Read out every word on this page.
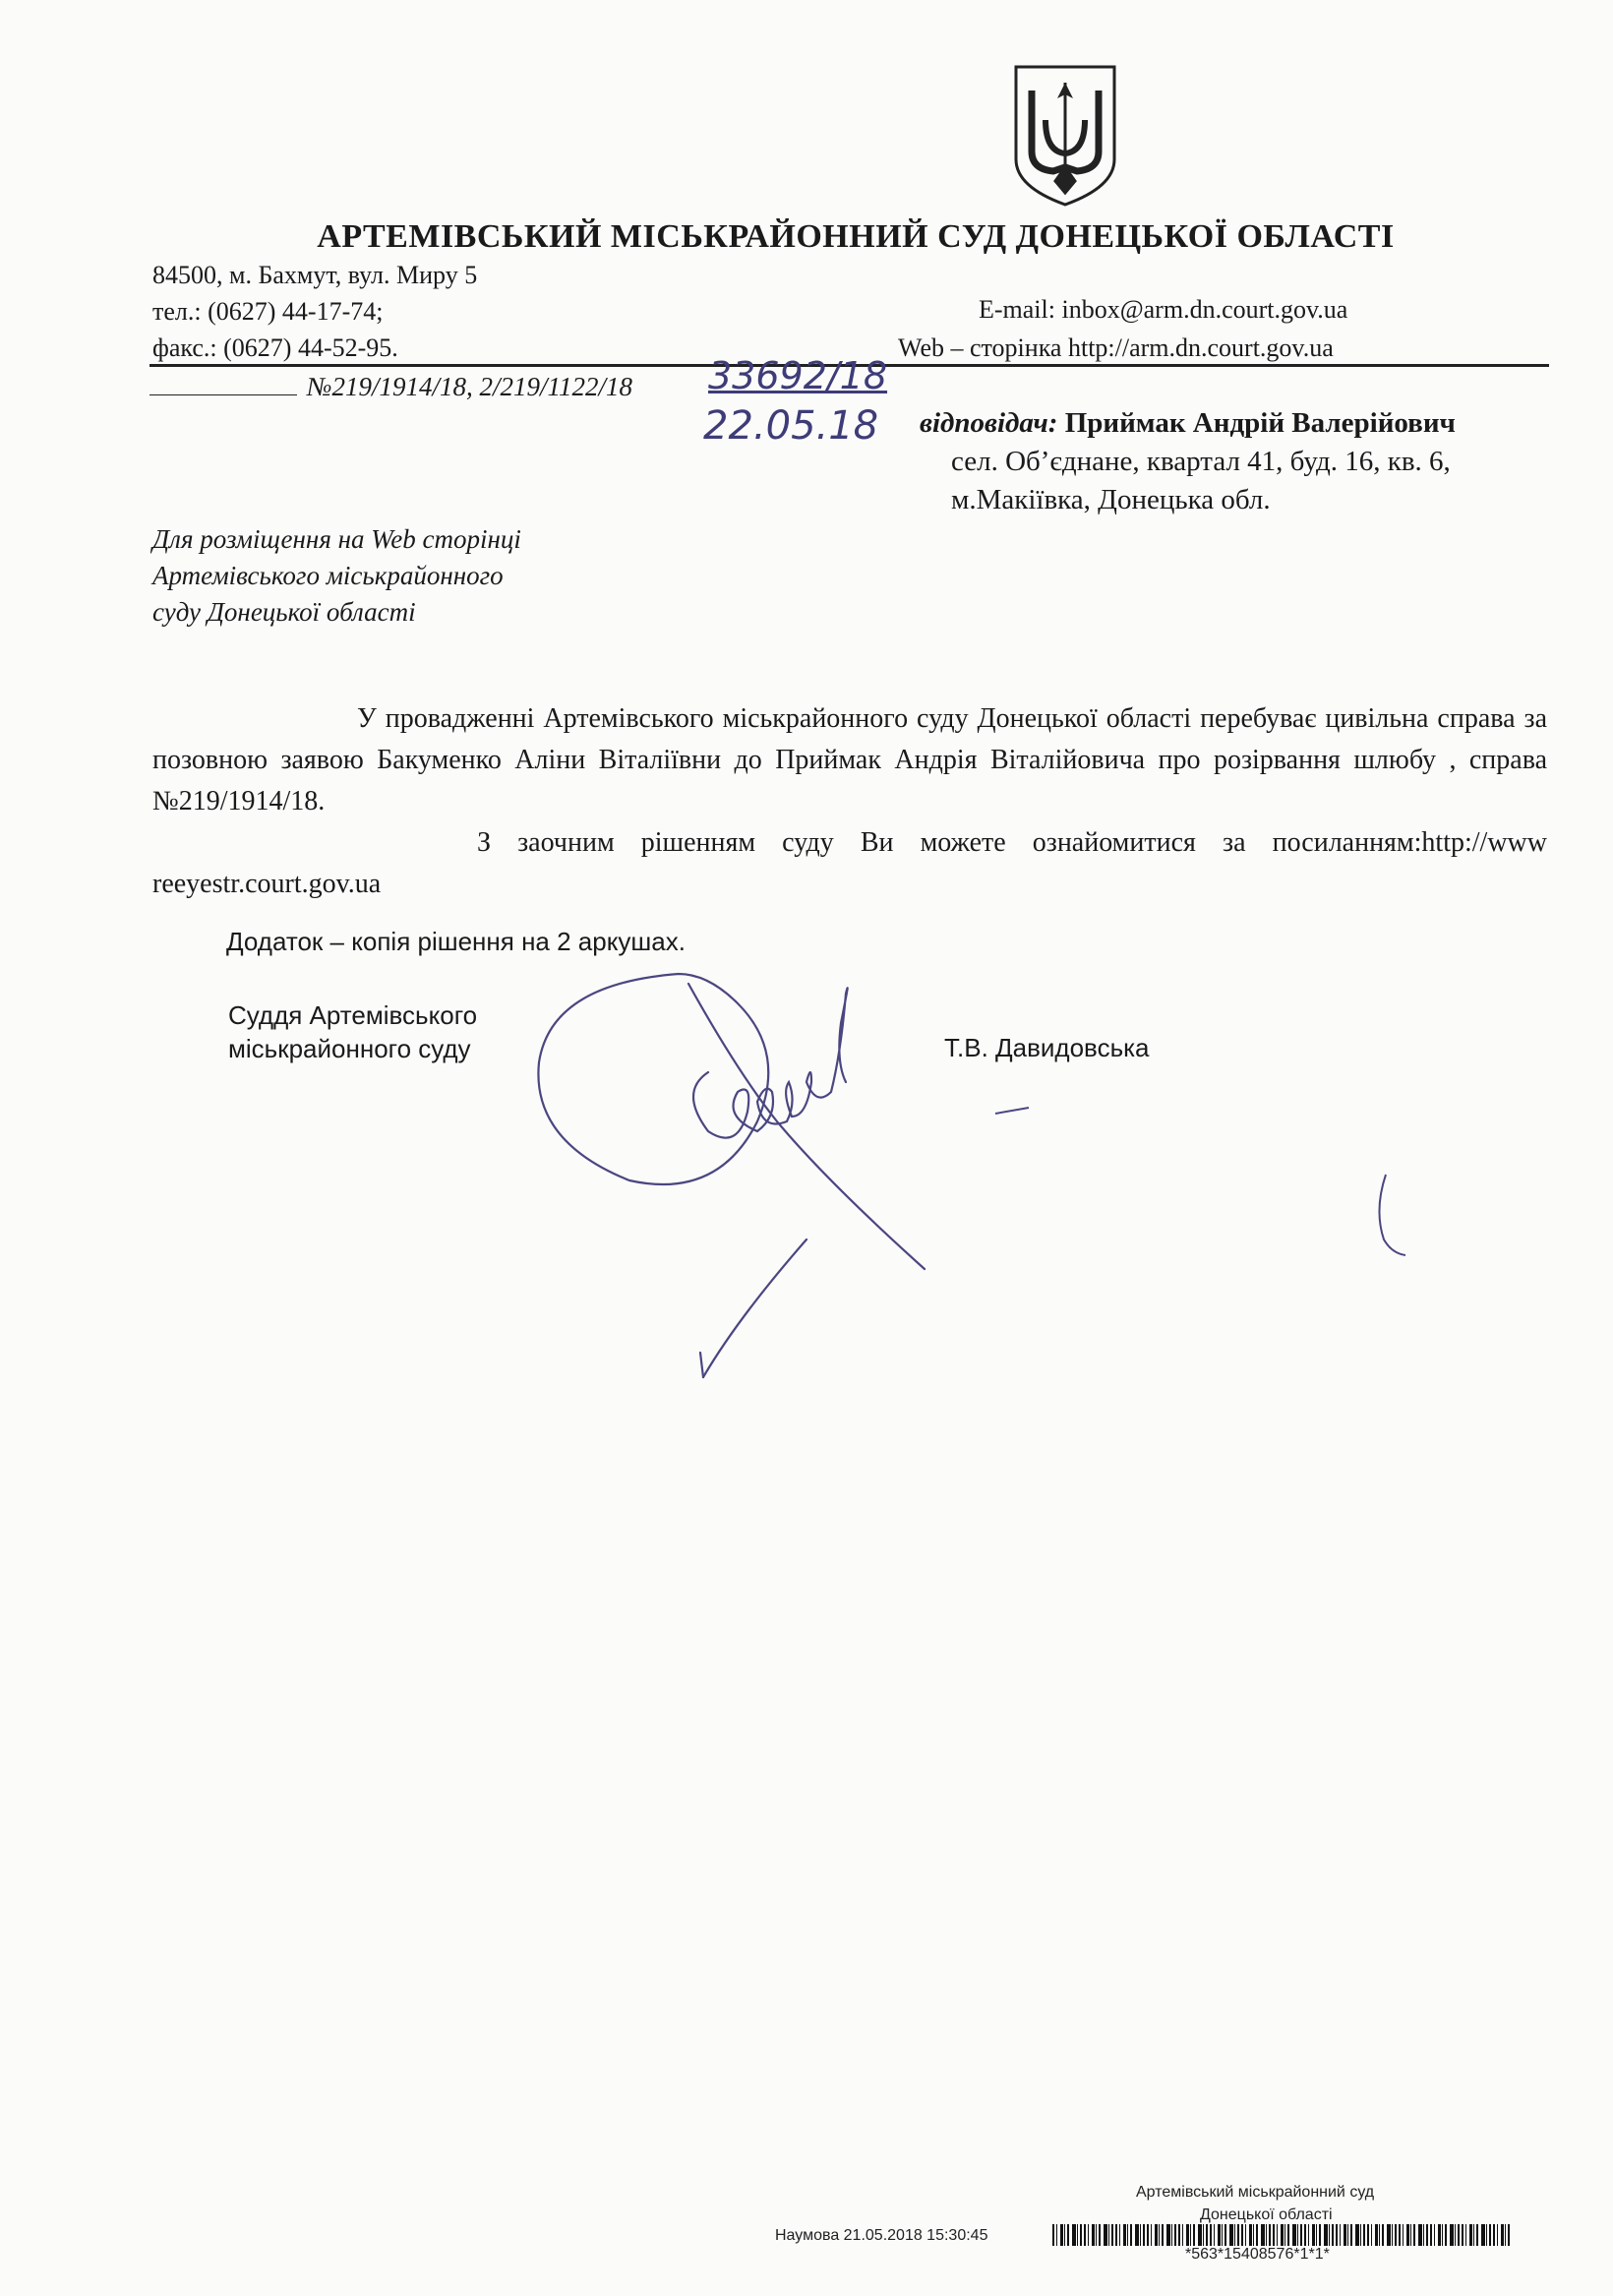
АРТЕМІВСЬКИЙ МІСЬКРАЙОННИЙ СУД ДОНЕЦЬКОЇ ОБЛАСТІ
84500, м. Бахмут, вул. Миру 5
тел.: (0627) 44-17-74;
факс.: (0627) 44-52-95.
E-mail: inbox@arm.dn.court.gov.ua
Web – сторінка http://arm.dn.court.gov.ua
№219/1914/18, 2/219/1122/18 33692/18
22.05.18 відповідач: Приймак Андрій Валерійович
сел. Об’єднане, квартал 41, буд. 16, кв. 6,
м.Макіївка, Донецька обл.
Для розміщення на Web сторінці
Артемівського міськрайонного
суду Донецької області

У провадженні Артемівського міськрайонного суду Донецької області перебуває цивільна справа за позовною заявою Бакуменко Аліни Віталіївни до Приймак Андрія Віталійовича про розірвання шлюбу , справа №219/1914/18.

З заочним рішенням суду Ви можете ознайомитися за посиланням:http://www reeyestr.court.gov.ua

Додаток – копія рішення на 2 аркушах.
Суддя Артемівського
міськрайонного суду	Т.В. Давидовська
Артемівський міськрайонний суд
Донецької області
Наумова 21.05.2018 15:30:45
*563*15408576*1*1*
